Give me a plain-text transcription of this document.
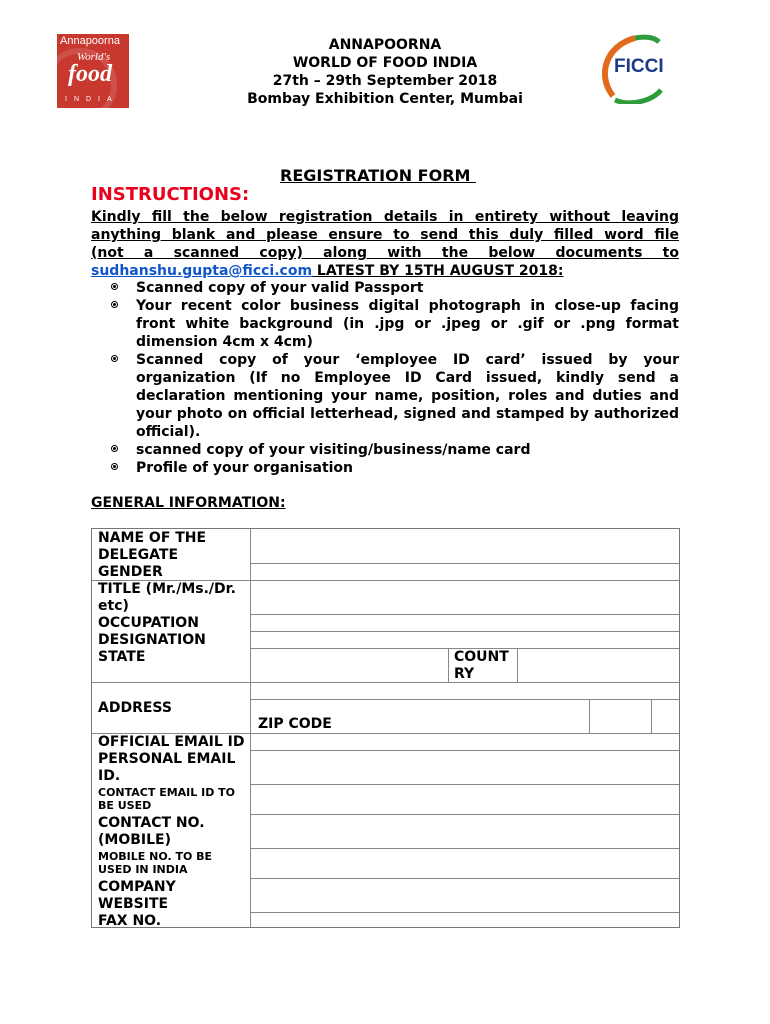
Annapoorna
World's
food
INDIA
FICCI
ANNAPOORNA
WORLD OF FOOD INDIA
27th – 29th September 2018
Bombay Exhibition Center, Mumbai
REGISTRATION FORM
INSTRUCTIONS:
Kindly fill the below registration details in entirety without leaving
anything blank and please ensure to send this duly filled word file
(not a scanned copy) along with the below documents to
sudhanshu.gupta@ficci.com LATEST BY 15TH AUGUST 2018:
Scanned copy of your valid Passport
Your recent color business digital photograph in close-up facing front white background (in .jpg or .jpeg or .gif or .png format dimension 4cm x 4cm)
Scanned copy of your ‘employee ID card’ issued by your organization (If no Employee ID Card issued, kindly send a declaration mentioning your name, position, roles and duties and your photo on official letterhead, signed and stamped by authorized official).
scanned copy of your visiting/business/name card
Profile of your organisation
GENERAL INFORMATION:
NAME OF THE DELEGATE
GENDER
TITLE (Mr./Ms./Dr. etc)
OCCUPATION
DESIGNATION
STATE	COUNT RY
ADDRESS
ZIP CODE
OFFICIAL EMAIL ID
PERSONAL EMAIL ID.
CONTACT EMAIL ID TO BE USED
CONTACT NO. (MOBILE)
MOBILE NO. TO BE USED IN INDIA
COMPANY WEBSITE
FAX NO.
